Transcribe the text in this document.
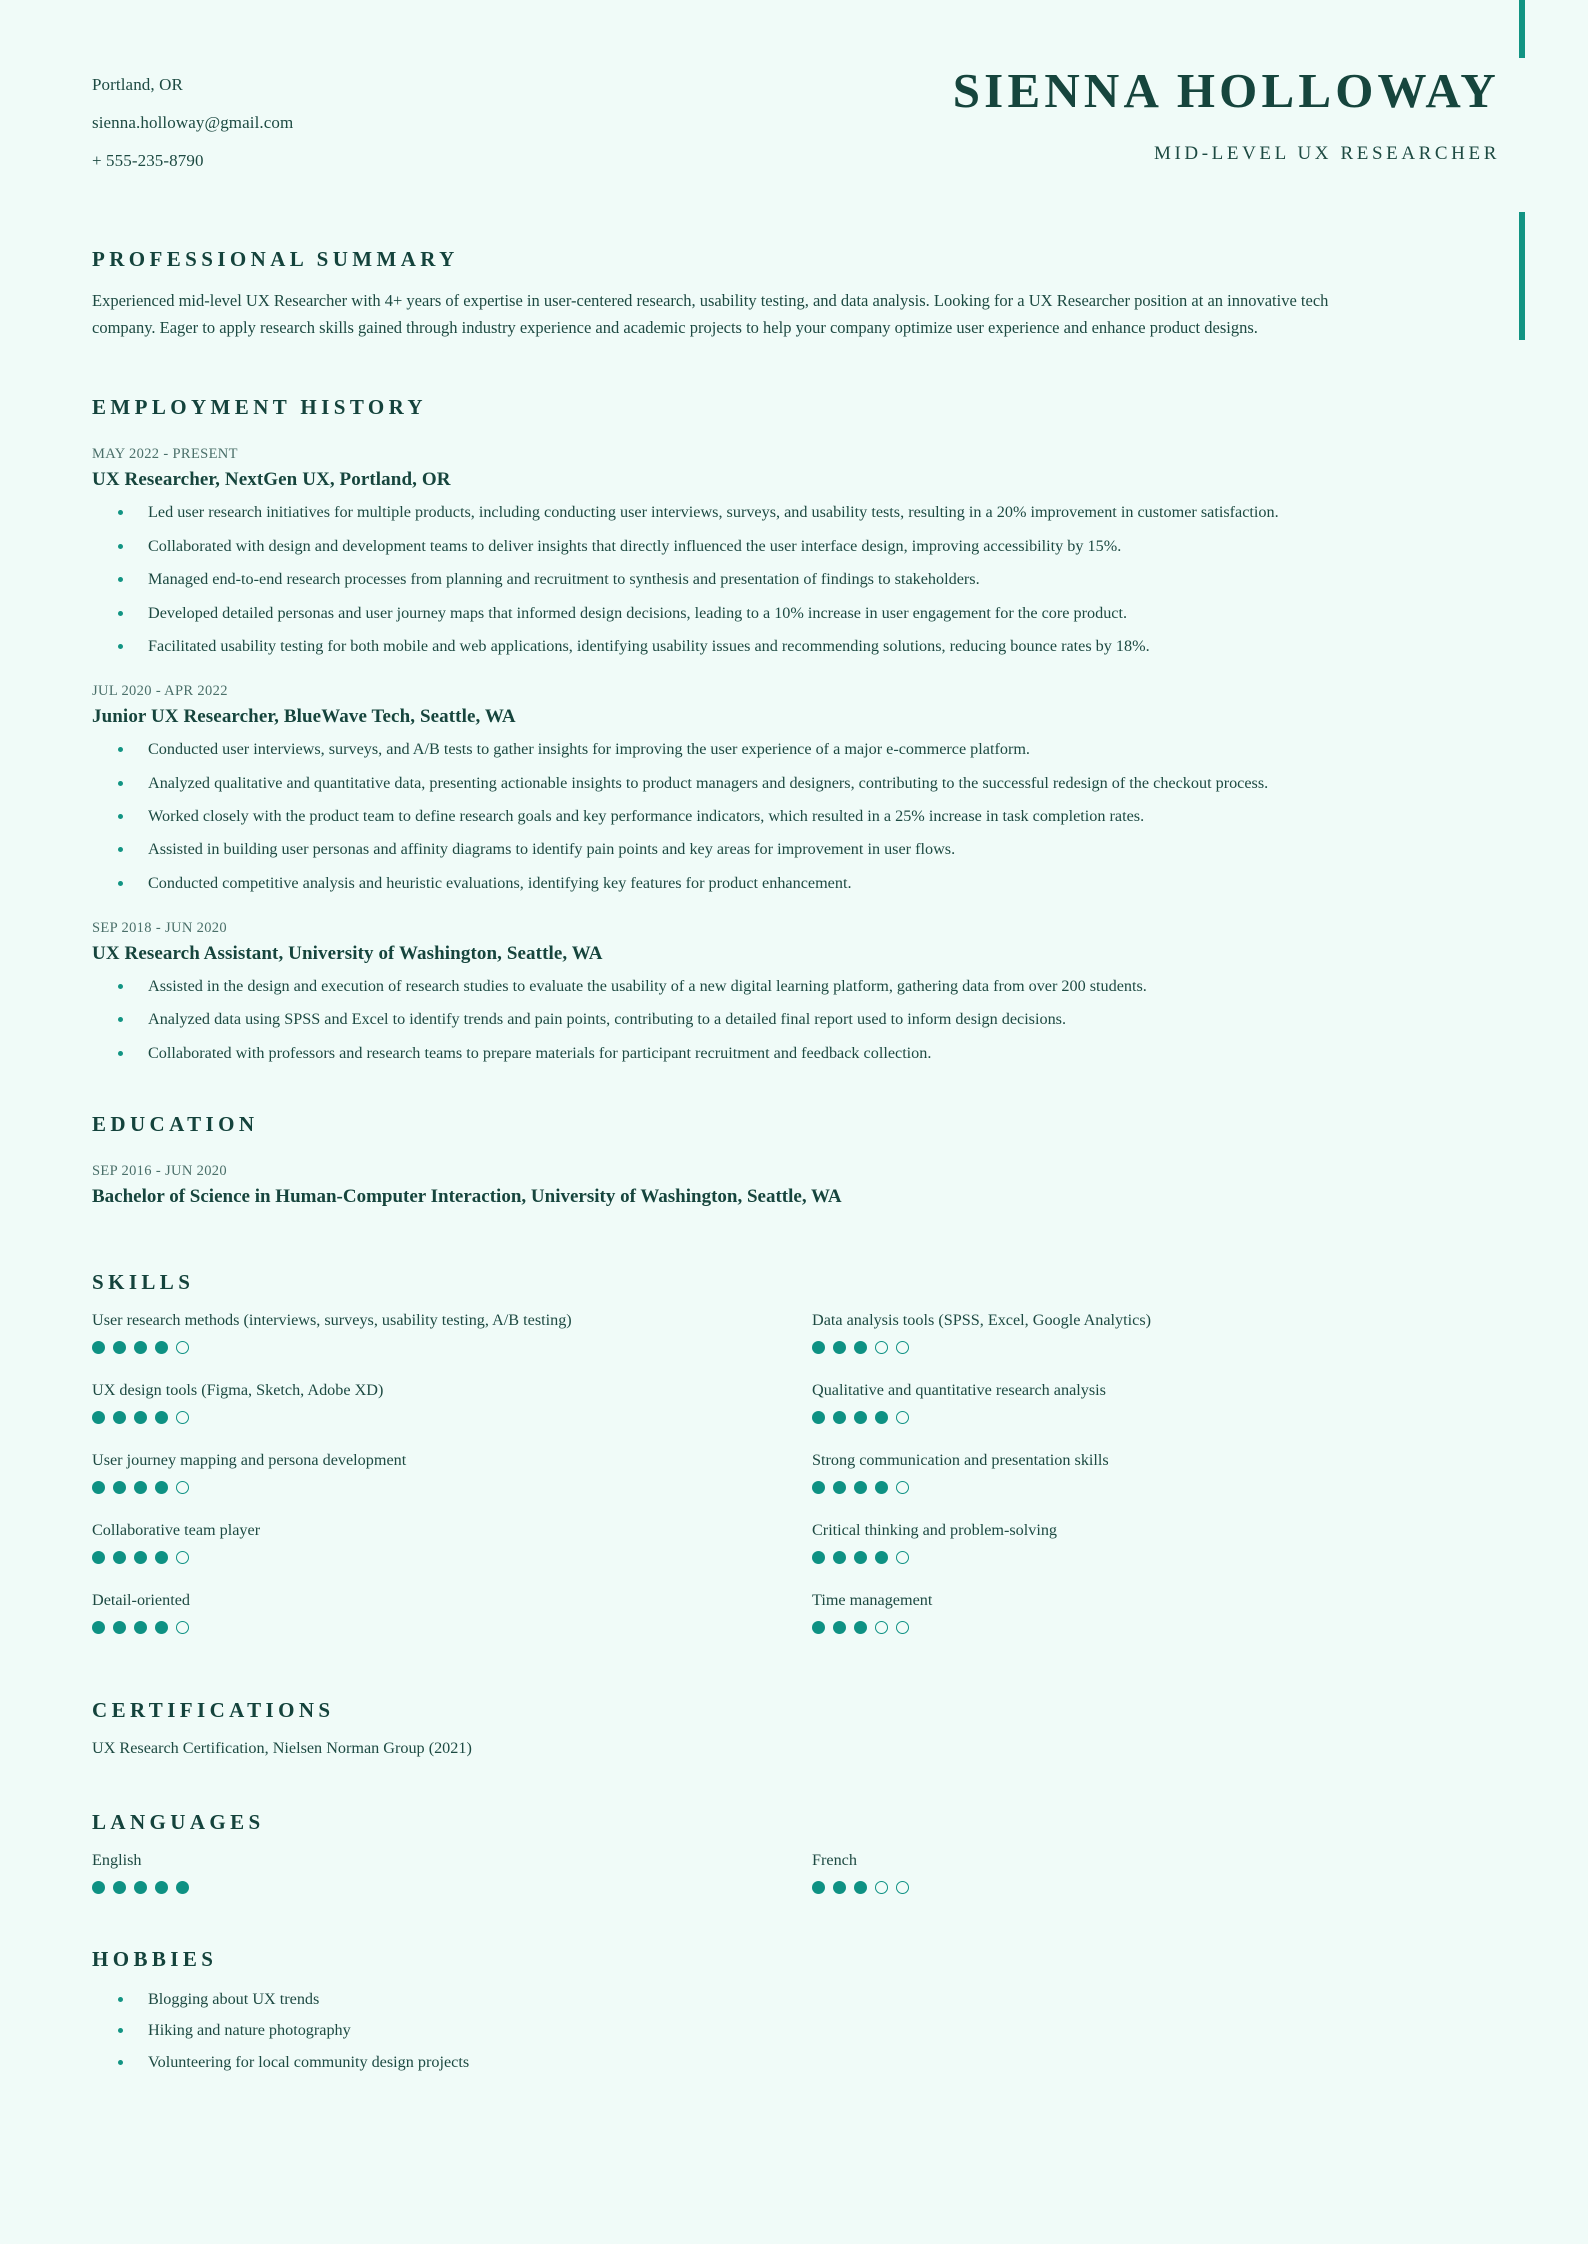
Portland, OR
sienna.holloway@gmail.com
+ 555-235-8790
SIENNA HOLLOWAY
MID-LEVEL UX RESEARCHER
PROFESSIONAL SUMMARY
Experienced mid-level UX Researcher with 4+ years of expertise in user-centered research, usability testing, and data analysis. Looking for a UX Researcher position at an innovative tech company. Eager to apply research skills gained through industry experience and academic projects to help your company optimize user experience and enhance product designs.
EMPLOYMENT HISTORY
MAY 2022 - PRESENT
UX Researcher, NextGen UX, Portland, OR
Led user research initiatives for multiple products, including conducting user interviews, surveys, and usability tests, resulting in a 20% improvement in customer satisfaction.
Collaborated with design and development teams to deliver insights that directly influenced the user interface design, improving accessibility by 15%.
Managed end-to-end research processes from planning and recruitment to synthesis and presentation of findings to stakeholders.
Developed detailed personas and user journey maps that informed design decisions, leading to a 10% increase in user engagement for the core product.
Facilitated usability testing for both mobile and web applications, identifying usability issues and recommending solutions, reducing bounce rates by 18%.
JUL 2020 - APR 2022
Junior UX Researcher, BlueWave Tech, Seattle, WA
Conducted user interviews, surveys, and A/B tests to gather insights for improving the user experience of a major e-commerce platform.
Analyzed qualitative and quantitative data, presenting actionable insights to product managers and designers, contributing to the successful redesign of the checkout process.
Worked closely with the product team to define research goals and key performance indicators, which resulted in a 25% increase in task completion rates.
Assisted in building user personas and affinity diagrams to identify pain points and key areas for improvement in user flows.
Conducted competitive analysis and heuristic evaluations, identifying key features for product enhancement.
SEP 2018 - JUN 2020
UX Research Assistant, University of Washington, Seattle, WA
Assisted in the design and execution of research studies to evaluate the usability of a new digital learning platform, gathering data from over 200 students.
Analyzed data using SPSS and Excel to identify trends and pain points, contributing to a detailed final report used to inform design decisions.
Collaborated with professors and research teams to prepare materials for participant recruitment and feedback collection.
EDUCATION
SEP 2016 - JUN 2020
Bachelor of Science in Human-Computer Interaction, University of Washington, Seattle, WA
SKILLS
User research methods (interviews, surveys, usability testing, A/B testing)	Data analysis tools (SPSS, Excel, Google Analytics)
UX design tools (Figma, Sketch, Adobe XD)	Qualitative and quantitative research analysis
User journey mapping and persona development	Strong communication and presentation skills
Collaborative team player	Critical thinking and problem-solving
Detail-oriented	Time management
CERTIFICATIONS
UX Research Certification, Nielsen Norman Group (2021)
LANGUAGES
English	French
HOBBIES
Blogging about UX trends
Hiking and nature photography
Volunteering for local community design projects
